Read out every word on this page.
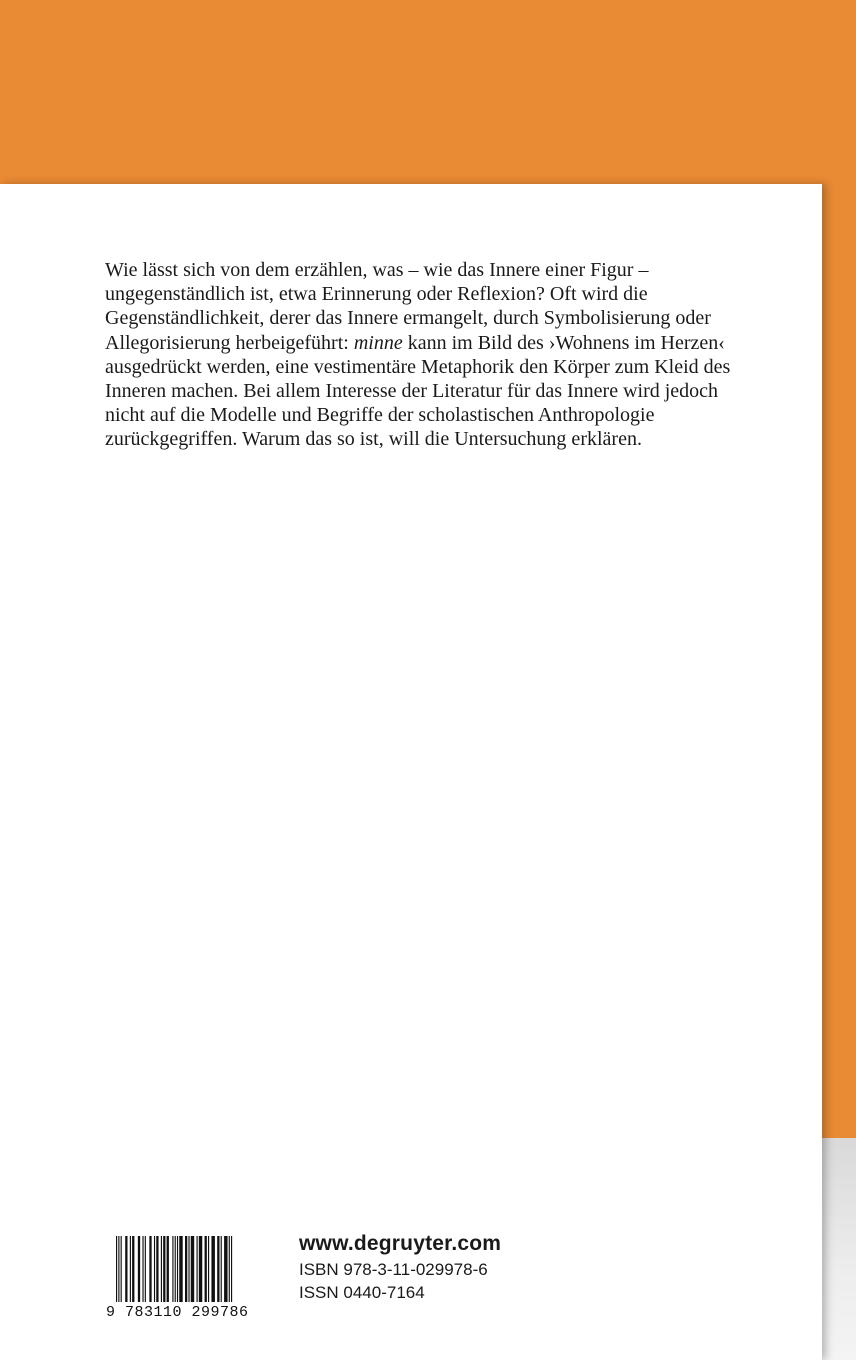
Wie lässt sich von dem erzählen, was – wie das Innere einer Figur – ungegenständlich ist, etwa Erinnerung oder Reflexion? Oft wird die Gegenständlichkeit, derer das Innere ermangelt, durch Symbolisierung oder Allegorisierung herbeigeführt: minne kann im Bild des ›Wohnens im Herzen‹ ausgedrückt werden, eine vestimentäre Metaphorik den Körper zum Kleid des Inneren machen. Bei allem Interesse der Literatur für das Innere wird jedoch nicht auf die Modelle und Begriffe der scholastischen Anthropologie zurückgegriffen. Warum das so ist, will die Untersuchung erklären.

9 783110 299786
www.degruyter.com
ISBN 978-3-11-029978-6
ISSN 0440-7164
